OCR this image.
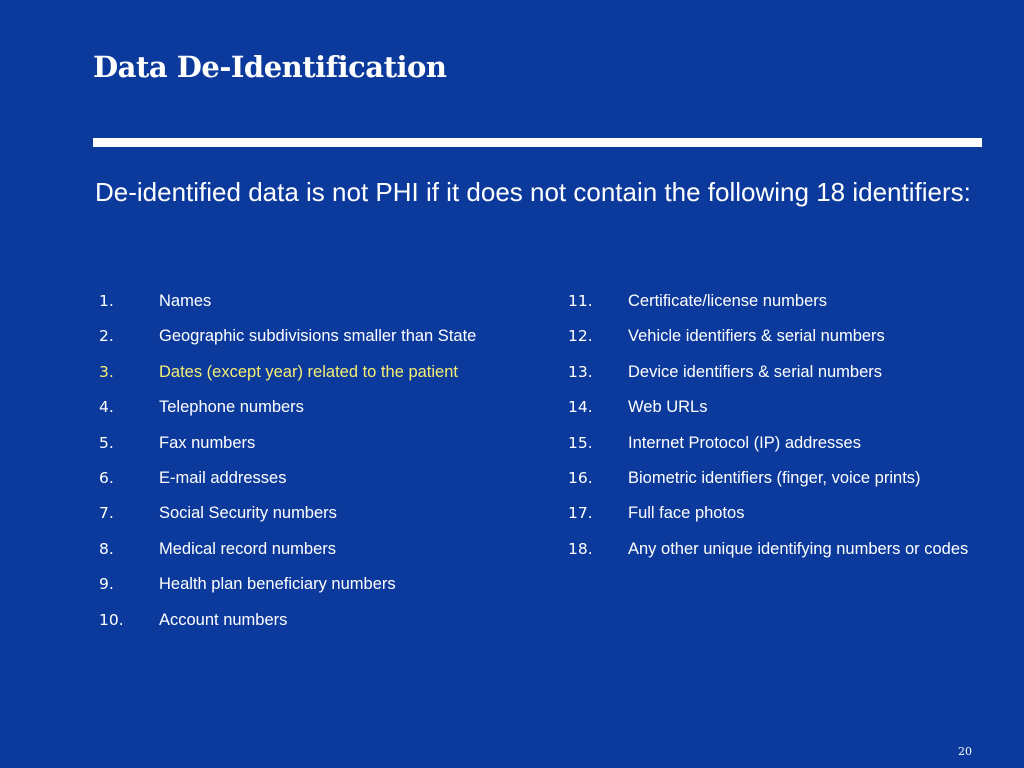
Data De-Identification
De-identified data is not PHI if it does not contain the following 18 identifiers:
1.	Names
2.	Geographic subdivisions smaller than State
3.	Dates (except year) related to the patient
4.	Telephone numbers
5.	Fax numbers
6.	E-mail addresses
7.	Social Security numbers
8.	Medical record numbers
9.	Health plan beneficiary numbers
10.	Account numbers
11.	Certificate/license numbers
12.	Vehicle identifiers & serial numbers
13.	Device identifiers & serial numbers
14.	Web URLs
15.	Internet Protocol (IP) addresses
16.	Biometric identifiers (finger, voice prints)
17.	Full face photos
18.	Any other unique identifying numbers or codes
20
